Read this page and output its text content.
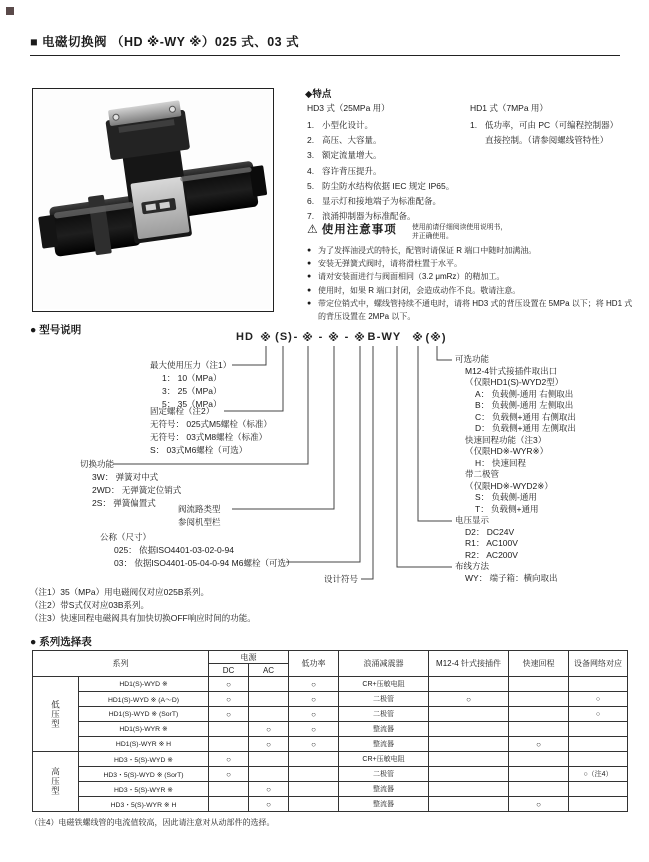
■ 电磁切换阀 （HD ※-WY ※）025 式、03 式
◆特点
HD3 式（25MPa 用）
1. 小型化设计。
2. 高压、大容量。
3. 额定流量增大。
4. 容许背压提升。
5. 防尘防水结构依据 IEC 规定 IP65。
6. 显示灯和接地端子为标准配备。
7. 浪涌抑制器为标准配备。
HD1 式（7MPa 用）
1. 低功率，可由 PC（可编程控制器）直接控制。（请参阅螺线管特性）
⚠ 使用注意事项 使用前请仔细阅读使用说明书，
并正确使用。
● 为了发挥油浸式的特长，配管时请保证 R 端口中随时加满油。
● 安装无弹簧式阀时，请将滑柱置于水平。
● 请对安装面进行与阀面相同（3.2 μmRz）的精加工。
● 使用时，如果 R 端口封闭，会造成动作不良。敬请注意。
● 带定位销式中，螺线管持续不通电时，请将 HD3 式的背压设置在 5MPa 以下；将 HD1 式的背压设置在 2MPa 以下。
● 型号说明
HD ※ (S) - ※ - ※ - ※ B -WY ※ (※)
最大使用压力（注1）
1： 10（MPa）
3： 25（MPa）
5： 35（MPa）
固定螺栓（注2）
无符号： 025式M5螺栓（标准）
无符号： 03式M8螺栓（标准）
S： 03式M6螺栓（可选）
切换功能
3W： 弹簧对中式
2WD： 无弹簧定位销式
2S： 弹簧偏置式
阀流路类型
参阅机型栏
公称（尺寸）
025： 依据ISO4401-03-02-0-94
03： 依据ISO4401-05-04-0-94 M6螺栓（可选）
设计符号
可选功能
M12-4针式接插件取出口
（仅限HD1(S)-WYD2型）
A： 负载侧-通用 右侧取出
B： 负载侧-通用 左侧取出
C： 负载侧+通用 右侧取出
D： 负载侧+通用 左侧取出
快速回程功能（注3）
（仅限HD※-WYR※）
H： 快速回程
带二极管
（仅限HD※-WYD2※）
S： 负载侧-通用
T： 负载侧+通用
电压显示
D2： DC24V
R1： AC100V
R2： AC200V
布线方法
WY： 端子箱：横向取出
（注1）35（MPa）用电磁阀仅对应025B系列。
（注2）带S式仅对应03B系列。
（注3）快速回程电磁阀具有加快切换OFF响应时间的功能。
● 系列选择表
系列		电源		低功率	浪涌减震器	M12-4 针式接插件	快速回程	设备网络对应
		DC	AC					
低压型	HD1(S)-WYD ※	○		○	CR+压敏电阻			
	HD1(S)-WYD ※ (A～D)	○		○	二极管	○		○
	HD1(S)-WYD ※ (SorT)	○		○	二极管			○
	HD1(S)-WYR ※		○	○	整流器			
	HD1(S)-WYR ※ H		○	○	整流器		○	
高压型	HD3・5(S)-WYD ※	○			CR+压敏电阻			
	HD3・5(S)-WYD ※ (SorT)	○			二极管			○（注4）
	HD3・5(S)-WYR ※		○		整流器			
	HD3・5(S)-WYR ※ H		○		整流器		○	
（注4）电磁铁螺线管的电流值较高，因此请注意对从动部件的选择。
